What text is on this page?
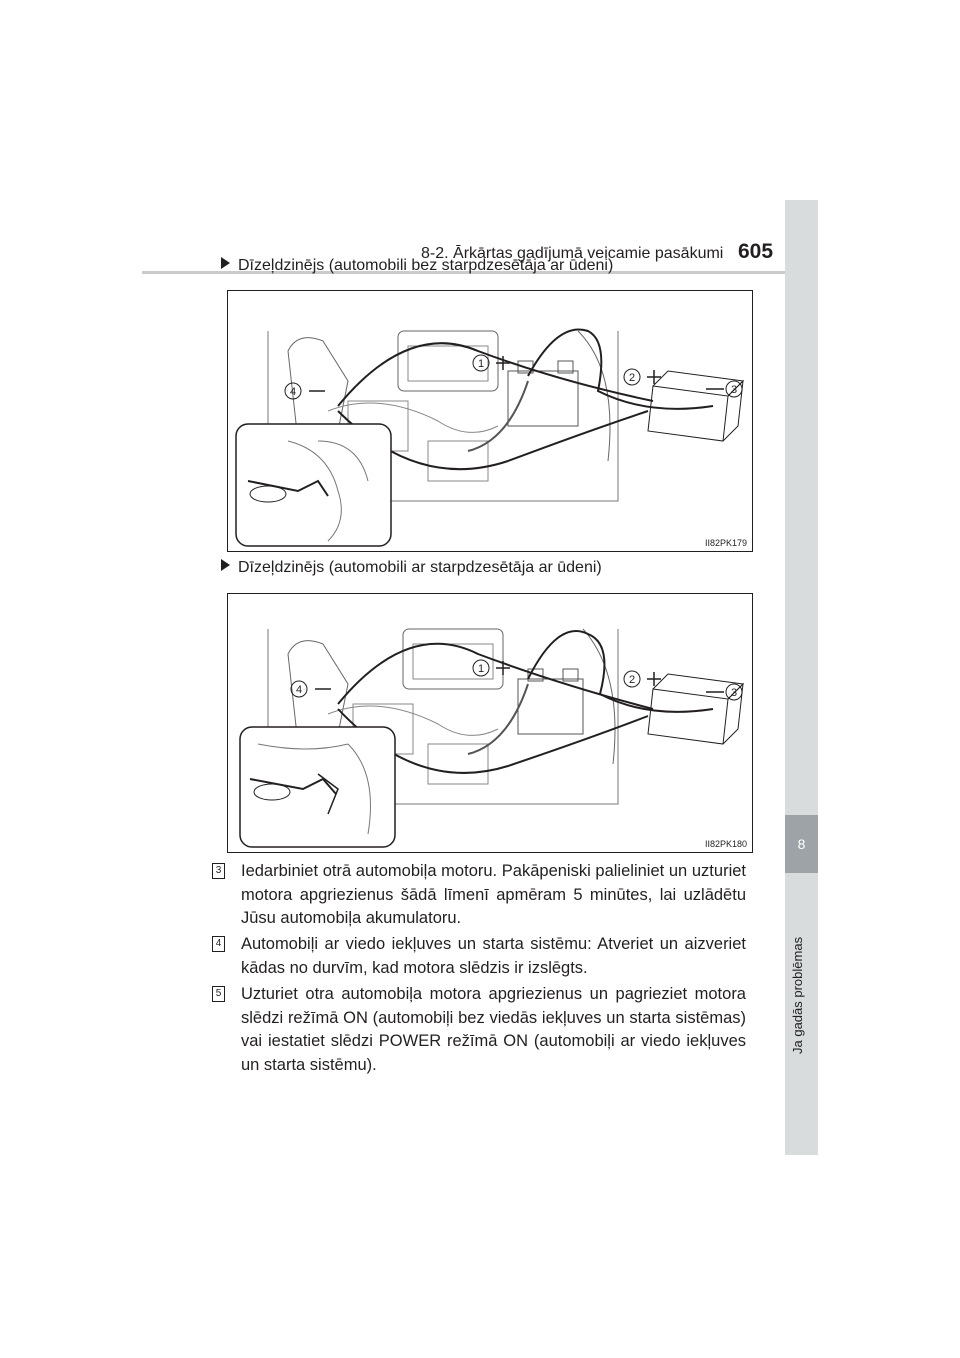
8-2. Ārkārtas gadījumā veicamie pasākumi 605
8
Ja gadās problēmas
Dīzeļdzinējs (automobili bez starpdzesētāja ar ūdeni)
1
2
3
4
II82PK179
Dīzeļdzinējs (automobili ar starpdzesētāja ar ūdeni)
1
2
3
4
II82PK180
3 Iedarbiniet otrā automobiļa motoru. Pakāpeniski palieliniet un uzturiet motora apgriezienus šādā līmenī apmēram 5 minūtes, lai uzlādētu Jūsu automobiļa akumulatoru.
4 Automobiļi ar viedo iekļuves un starta sistēmu: Atveriet un aizveriet kādas no durvīm, kad motora slēdzis ir izslēgts.
5 Uzturiet otra automobiļa motora apgriezienus un pagrieziet motora slēdzi režīmā ON (automobiļi bez viedās iekļuves un starta sistēmas) vai iestatiet slēdzi POWER režīmā ON (automobiļi ar viedo iekļuves un starta sistēmu).
